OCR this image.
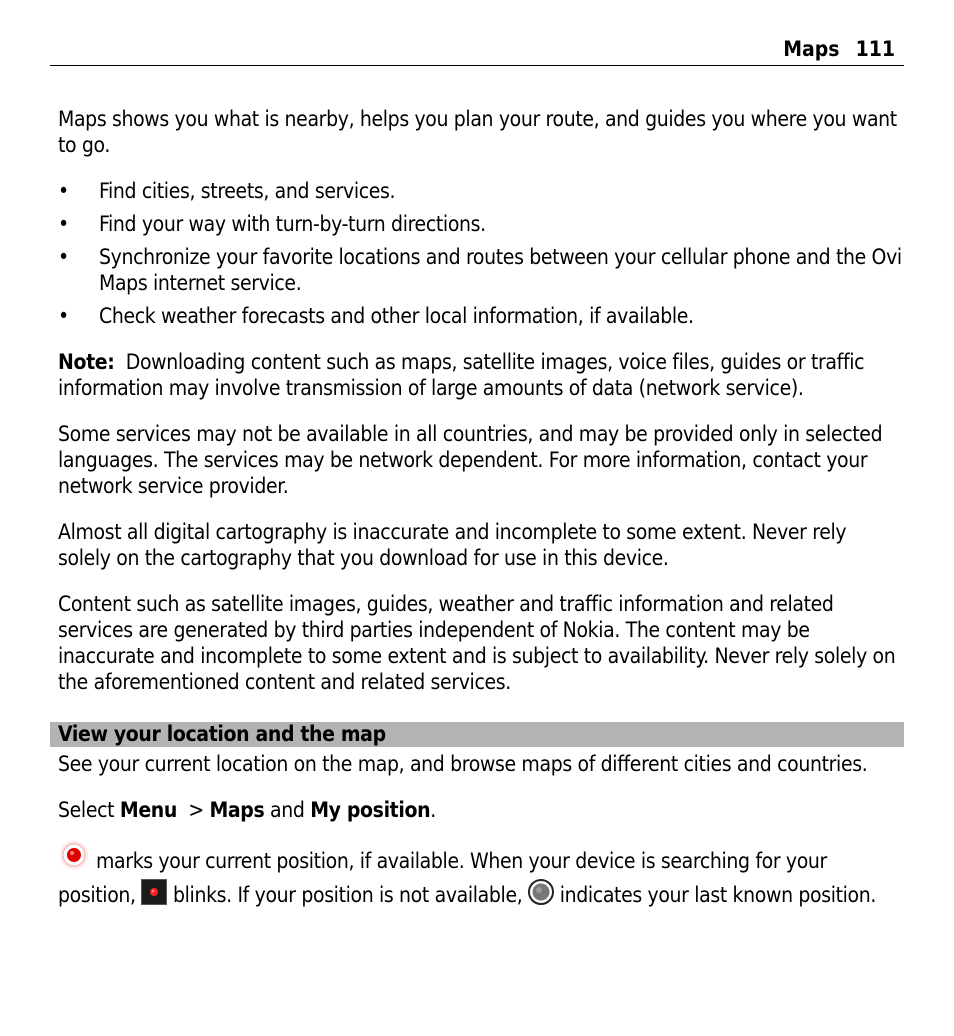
Maps 111

Maps shows you what is nearby, helps you plan your route, and guides you where you want to go.

• Find cities, streets, and services.
• Find your way with turn-by-turn directions.
• Synchronize your favorite locations and routes between your cellular phone and the Ovi Maps internet service.
• Check weather forecasts and other local information, if available.

Note: Downloading content such as maps, satellite images, voice files, guides or traffic information may involve transmission of large amounts of data (network service).

Some services may not be available in all countries, and may be provided only in selected languages. The services may be network dependent. For more information, contact your network service provider.

Almost all digital cartography is inaccurate and incomplete to some extent. Never rely solely on the cartography that you download for use in this device.

Content such as satellite images, guides, weather and traffic information and related services are generated by third parties independent of Nokia. The content may be inaccurate and incomplete to some extent and is subject to availability. Never rely solely on the aforementioned content and related services.

View your location and the map

See your current location on the map, and browse maps of different cities and countries.

Select Menu > Maps and My position.

marks your current position, if available. When your device is searching for your position, blinks. If your position is not available, indicates your last known position.
